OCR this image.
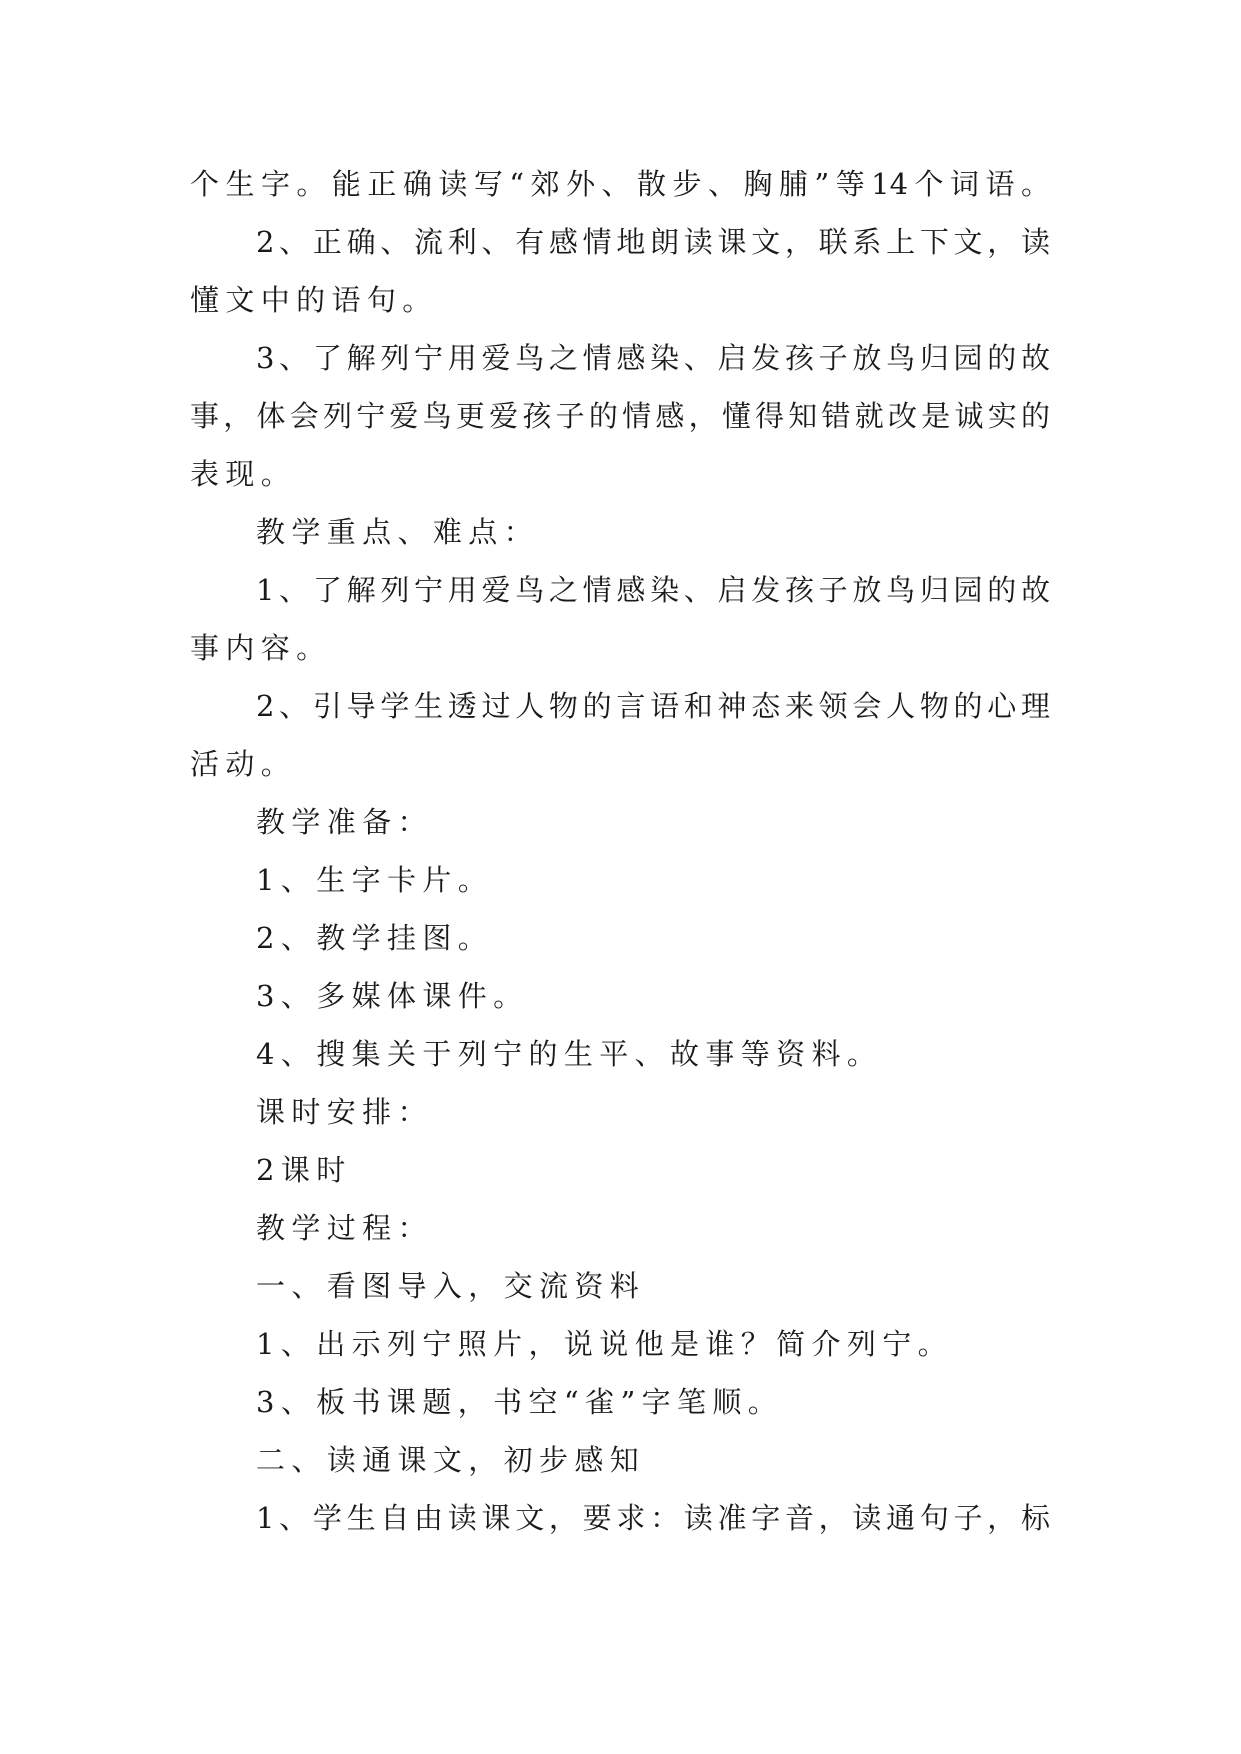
个生字。能正确读写“郊外、散步、胸脯”等14个词语。
2、正确、流利、有感情地朗读课文，联系上下文，读
懂文中的语句。
3、了解列宁用爱鸟之情感染、启发孩子放鸟归园的故
事，体会列宁爱鸟更爱孩子的情感，懂得知错就改是诚实的
表现。
教学重点、难点：
1、了解列宁用爱鸟之情感染、启发孩子放鸟归园的故
事内容。
2、引导学生透过人物的言语和神态来领会人物的心理
活动。
教学准备：
1、生字卡片。
2、教学挂图。
3、多媒体课件。
4、搜集关于列宁的生平、故事等资料。
课时安排：
2课时
教学过程：
一、看图导入，交流资料
1、出示列宁照片，说说他是谁？简介列宁。
3、板书课题，书空“雀”字笔顺。
二、读通课文，初步感知
1、学生自由读课文，要求：读准字音，读通句子，标
